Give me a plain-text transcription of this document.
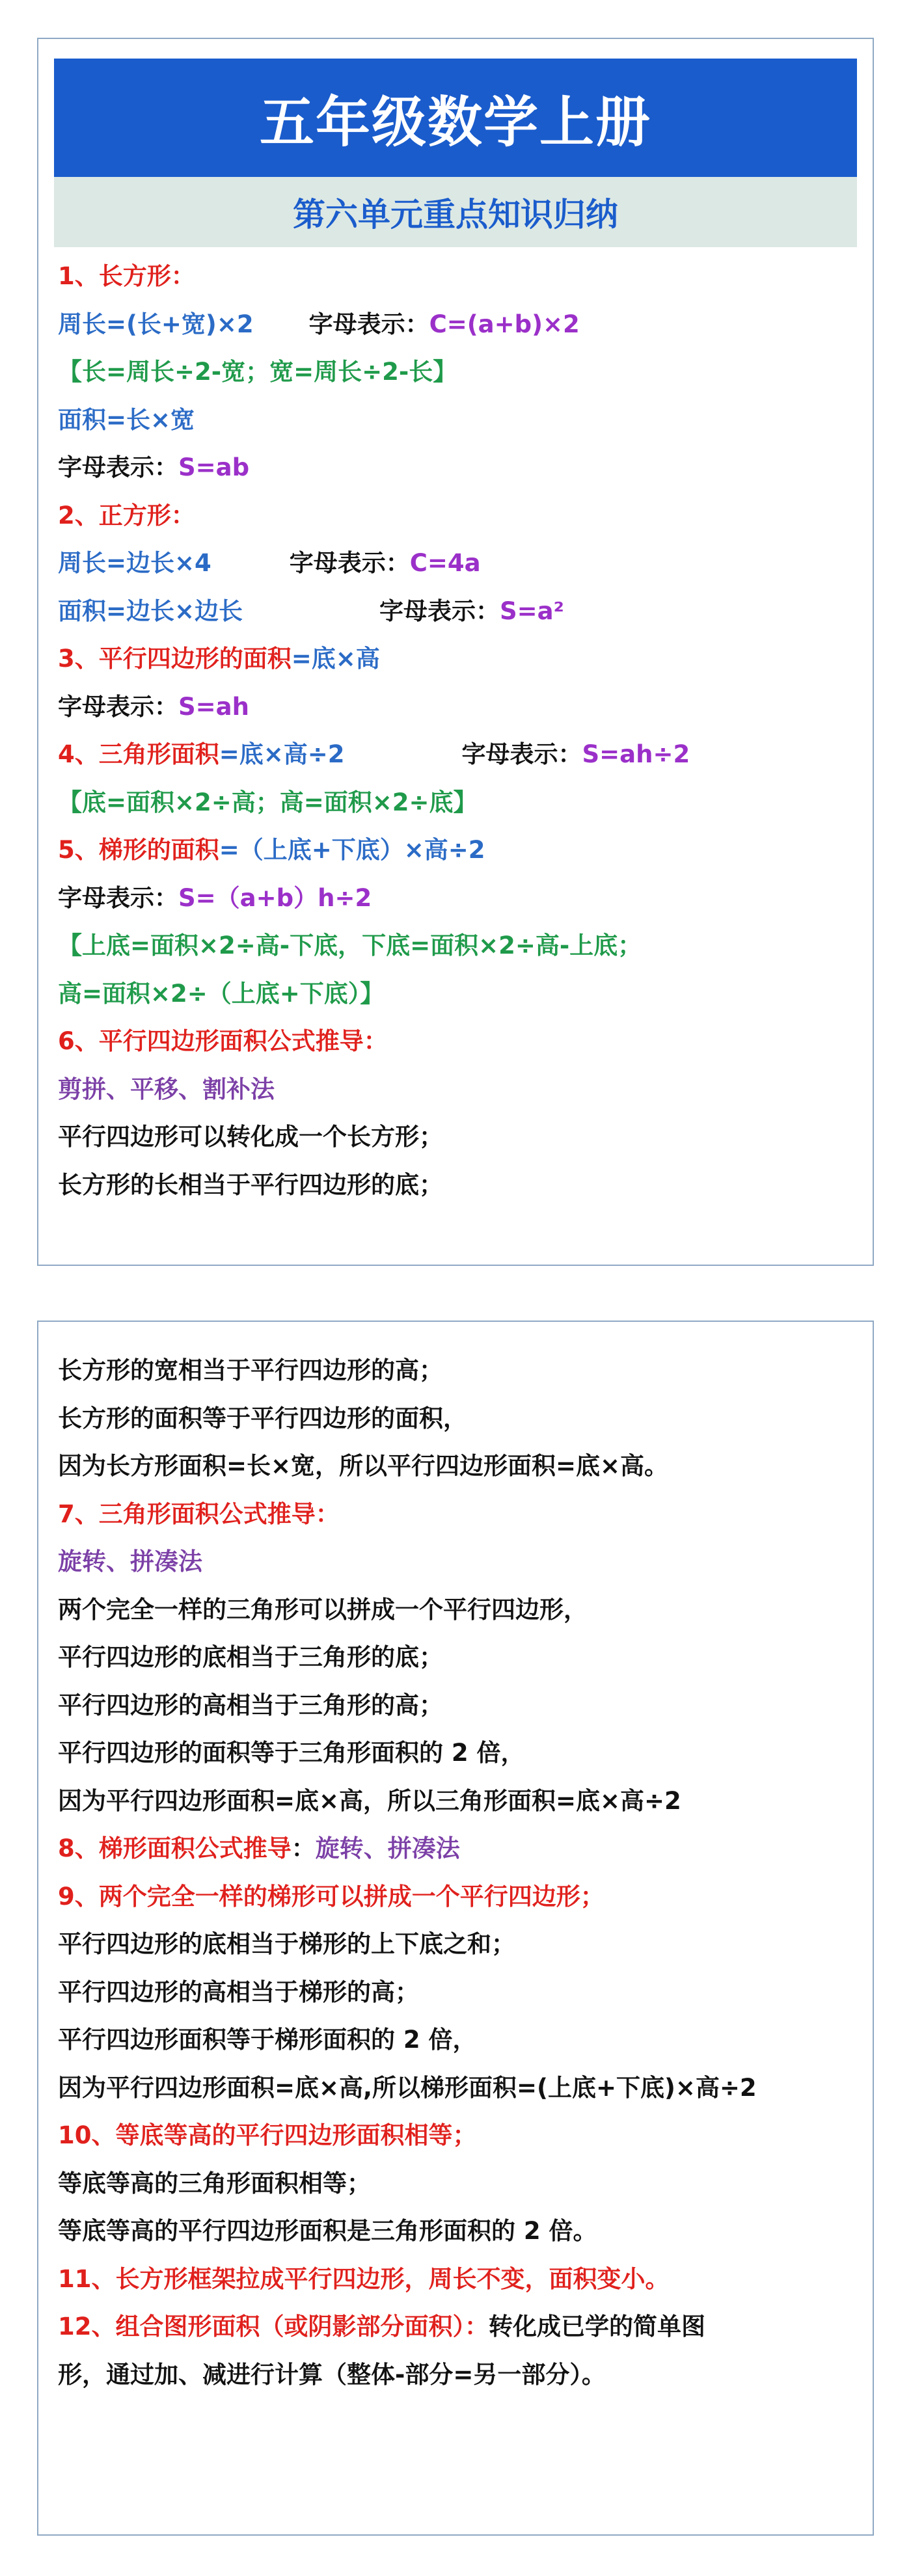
五年级数学上册
第六单元重点知识归纳
1、长方形：
周长=(长+宽)×2 字母表示：C=(a+b)×2
【长=周长÷2-宽；宽=周长÷2-长】
面积=长×宽
字母表示：S=ab
2、正方形：
周长=边长×4	字母表示：C=4a
面积=边长×边长	字母表示：S=a²
3、平行四边形的面积=底×高
字母表示：S=ah
4、三角形面积=底×高÷2	字母表示：S=ah÷2
【底=面积×2÷高；高=面积×2÷底】
5、梯形的面积=（上底+下底）×高÷2
字母表示：S=（a+b）h÷2
【上底=面积×2÷高-下底，下底=面积×2÷高-上底；
高=面积×2÷（上底+下底）】
6、平行四边形面积公式推导：
剪拼、平移、割补法
平行四边形可以转化成一个长方形；
长方形的长相当于平行四边形的底；
长方形的宽相当于平行四边形的高；
长方形的面积等于平行四边形的面积，
因为长方形面积=长×宽，所以平行四边形面积=底×高。
7、三角形面积公式推导：
旋转、拼凑法
两个完全一样的三角形可以拼成一个平行四边形，
平行四边形的底相当于三角形的底；
平行四边形的高相当于三角形的高；
平行四边形的面积等于三角形面积的 2 倍，
因为平行四边形面积=底×高，所以三角形面积=底×高÷2
8、梯形面积公式推导：旋转、拼凑法
9、两个完全一样的梯形可以拼成一个平行四边形；
平行四边形的底相当于梯形的上下底之和；
平行四边形的高相当于梯形的高；
平行四边形面积等于梯形面积的 2 倍，
因为平行四边形面积=底×高,所以梯形面积=(上底+下底)×高÷2
10、等底等高的平行四边形面积相等；
等底等高的三角形面积相等；
等底等高的平行四边形面积是三角形面积的 2 倍。
11、长方形框架拉成平行四边形，周长不变，面积变小。
12、组合图形面积（或阴影部分面积）：转化成已学的简单图
形，通过加、减进行计算（整体-部分=另一部分）。
